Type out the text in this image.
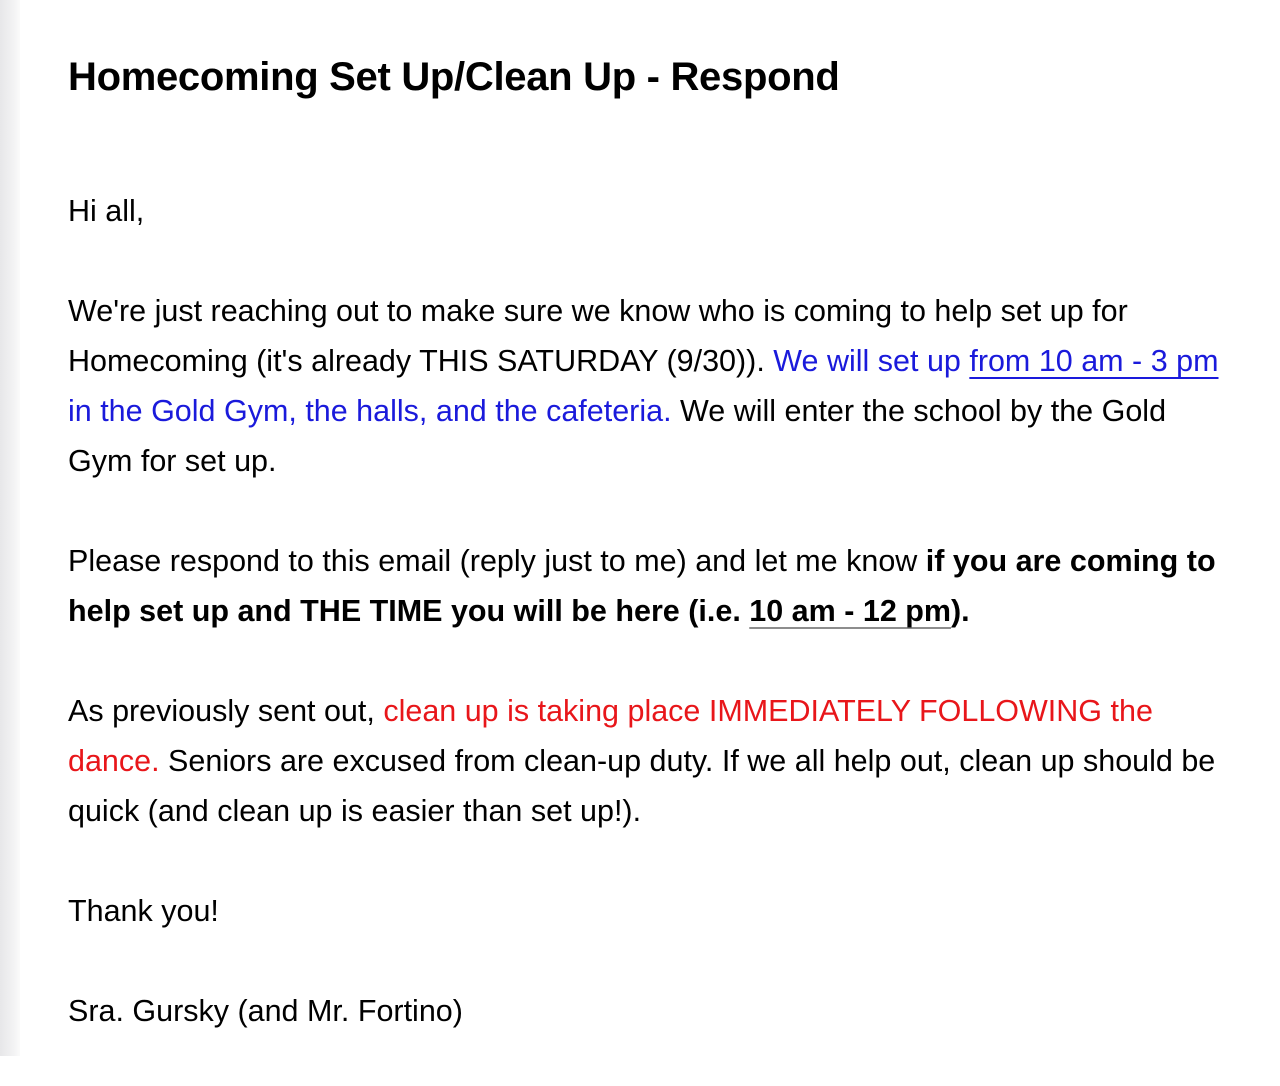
Homecoming Set Up/Clean Up - Respond

Hi all,

We're just reaching out to make sure we know who is coming to help set up for Homecoming (it's already THIS SATURDAY (9/30)). We will set up from 10 am - 3 pm in the Gold Gym, the halls, and the cafeteria. We will enter the school by the Gold Gym for set up.

Please respond to this email (reply just to me) and let me know if you are coming to help set up and THE TIME you will be here (i.e. 10 am - 12 pm).

As previously sent out, clean up is taking place IMMEDIATELY FOLLOWING the dance. Seniors are excused from clean-up duty. If we all help out, clean up should be quick (and clean up is easier than set up!).

Thank you!

Sra. Gursky (and Mr. Fortino)
